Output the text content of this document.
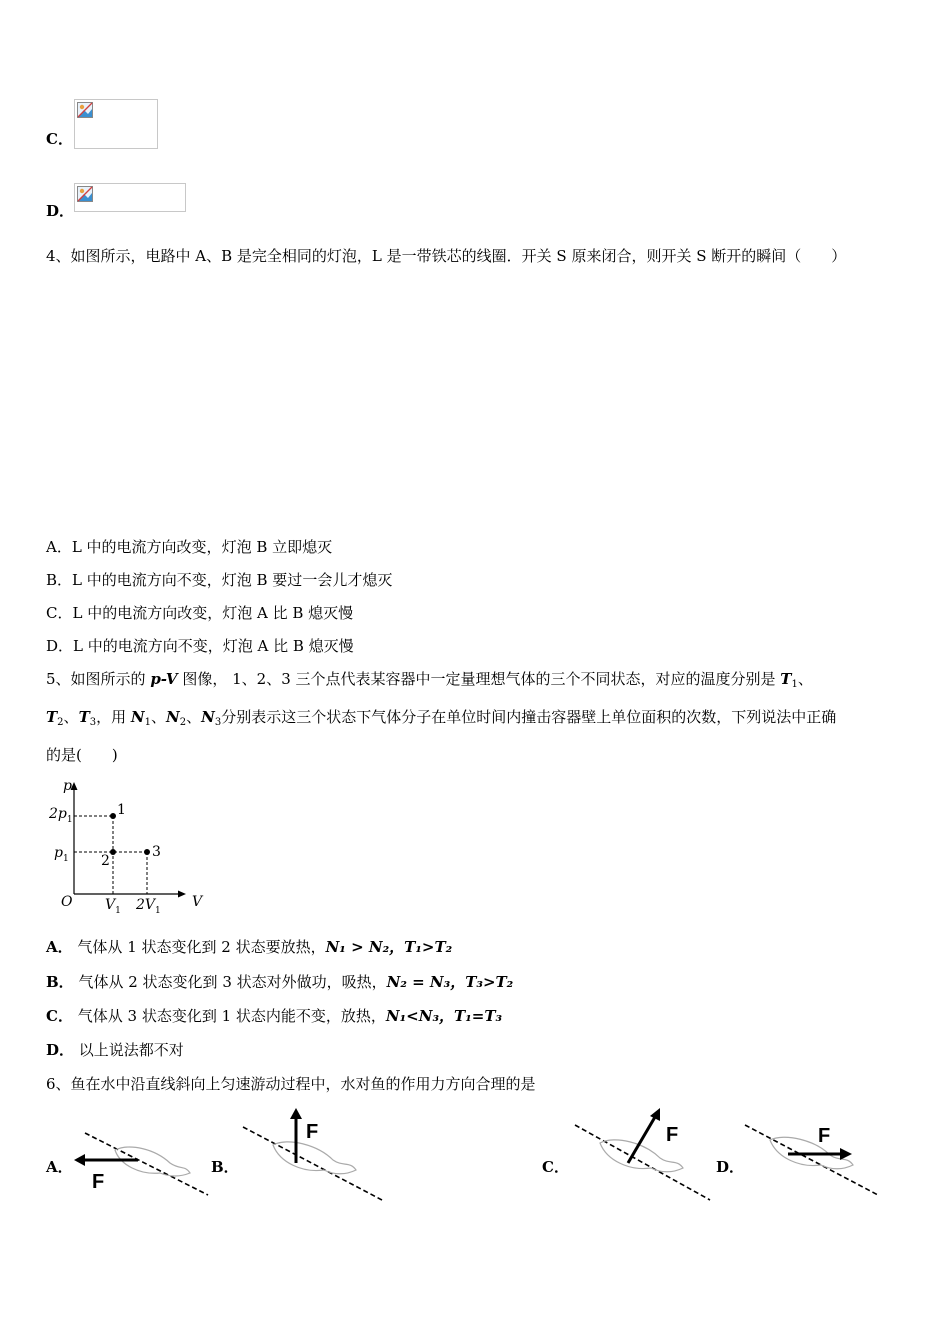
C．
D．
4、如图所示，电路中 A、B 是完全相同的灯泡，L 是一带铁芯的线圈．开关 S 原来闭合，则开关 S 断开的瞬间（　　）
A．L 中的电流方向改变，灯泡 B 立即熄灭
B．L 中的电流方向不变，灯泡 B 要过一会儿才熄灭
C．L 中的电流方向改变，灯泡 A 比 B 熄灭慢
D．L 中的电流方向不变，灯泡 A 比 B 熄灭慢
5、如图所示的 p-V 图像， 1、2、3 三个点代表某容器中一定量理想气体的三个不同状态，对应的温度分别是 $T_1$、
$T_2$、$T_3$，用 $N_1$、$N_2$、$N_3$分别表示这三个状态下气体分子在单位时间内撞击容器壁上单位面积的次数，下列说法中正确
的是(　　)
p
V
O
$2p_1$
$p_1$
$V_1$ $2V_1$
1
2
3
A． 气体从 1 状态变化到 2 状态要放热，N₁ > N₂，T₁>T₂
B． 气体从 2 状态变化到 3 状态对外做功，吸热，N₂ = N₃，T₃>T₂
C． 气体从 3 状态变化到 1 状态内能不变，放热，N₁<N₃，T₁=T₃
D． 以上说法都不对
6、鱼在水中沿直线斜向上匀速游动过程中，水对鱼的作用力方向合理的是
A．
F
B．
F
C．
F
D．
F
